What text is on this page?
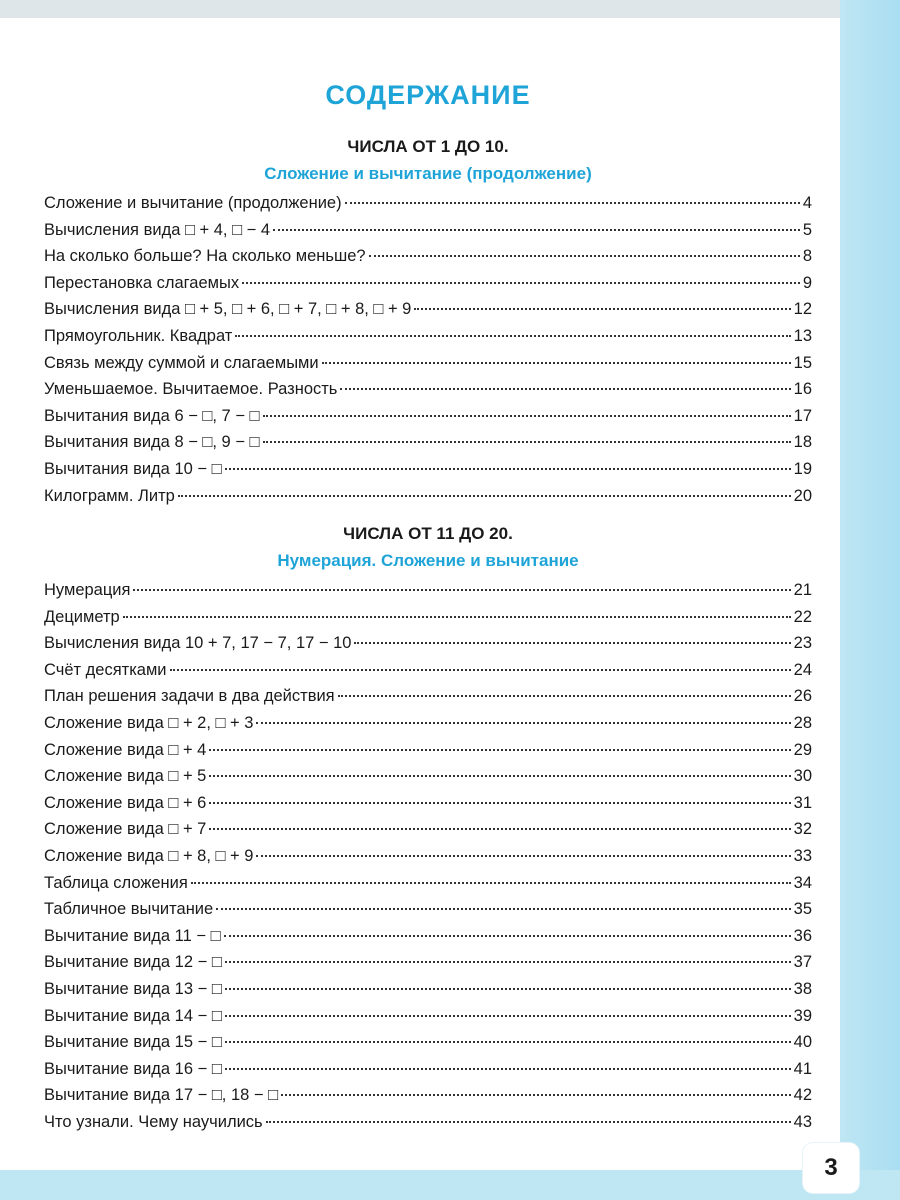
СОДЕРЖАНИЕ
ЧИСЛА ОТ 1 ДО 10.
Сложение и вычитание (продолжение)
Сложение и вычитание (продолжение)	4
Вычисления вида □ + 4, □ − 4	5
На сколько больше? На сколько меньше?	8
Перестановка слагаемых	9
Вычисления вида □ + 5, □ + 6, □ + 7, □ + 8, □ + 9	12
Прямоугольник. Квадрат	13
Связь между суммой и слагаемыми	15
Уменьшаемое. Вычитаемое. Разность	16
Вычитания вида 6 − □, 7 − □	17
Вычитания вида 8 − □, 9 − □	18
Вычитания вида 10 − □	19
Килограмм. Литр	20
ЧИСЛА ОТ 11 ДО 20.
Нумерация. Сложение и вычитание
Нумерация	21
Дециметр	22
Вычисления вида 10 + 7, 17 − 7, 17 − 10	23
Счёт десятками	24
План решения задачи в два действия	26
Сложение вида □ + 2, □ + 3	28
Сложение вида □ + 4	29
Сложение вида □ + 5	30
Сложение вида □ + 6	31
Сложение вида □ + 7	32
Сложение вида □ + 8, □ + 9	33
Таблица сложения	34
Табличное вычитание	35
Вычитание вида 11 − □	36
Вычитание вида 12 − □	37
Вычитание вида 13 − □	38
Вычитание вида 14 − □	39
Вычитание вида 15 − □	40
Вычитание вида 16 − □	41
Вычитание вида 17 − □, 18 − □	42
Что узнали. Чему научились	43
3
